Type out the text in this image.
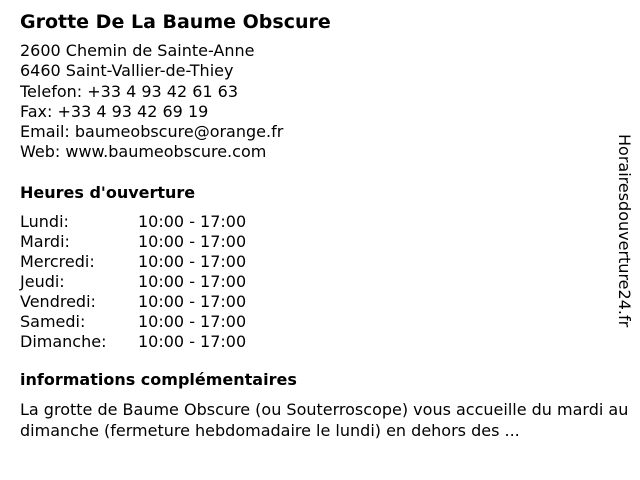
Grotte De La Baume Obscure
2600 Chemin de Sainte-Anne
6460 Saint-Vallier-de-Thiey
Telefon: +33 4 93 42 61 63
Fax: +33 4 93 42 69 19
Email: baumeobscure@orange.fr
Web: www.baumeobscure.com
Heures d'ouverture
Lundi:	10:00 - 17:00
Mardi:	10:00 - 17:00
Mercredi:	10:00 - 17:00
Jeudi:	10:00 - 17:00
Vendredi:	10:00 - 17:00
Samedi:	10:00 - 17:00
Dimanche:	10:00 - 17:00
informations complémentaires
La grotte de Baume Obscure (ou Souterroscope) vous accueille du mardi au dimanche (fermeture hebdomadaire le lundi) en dehors des ...
Horairesdouverture24.fr
